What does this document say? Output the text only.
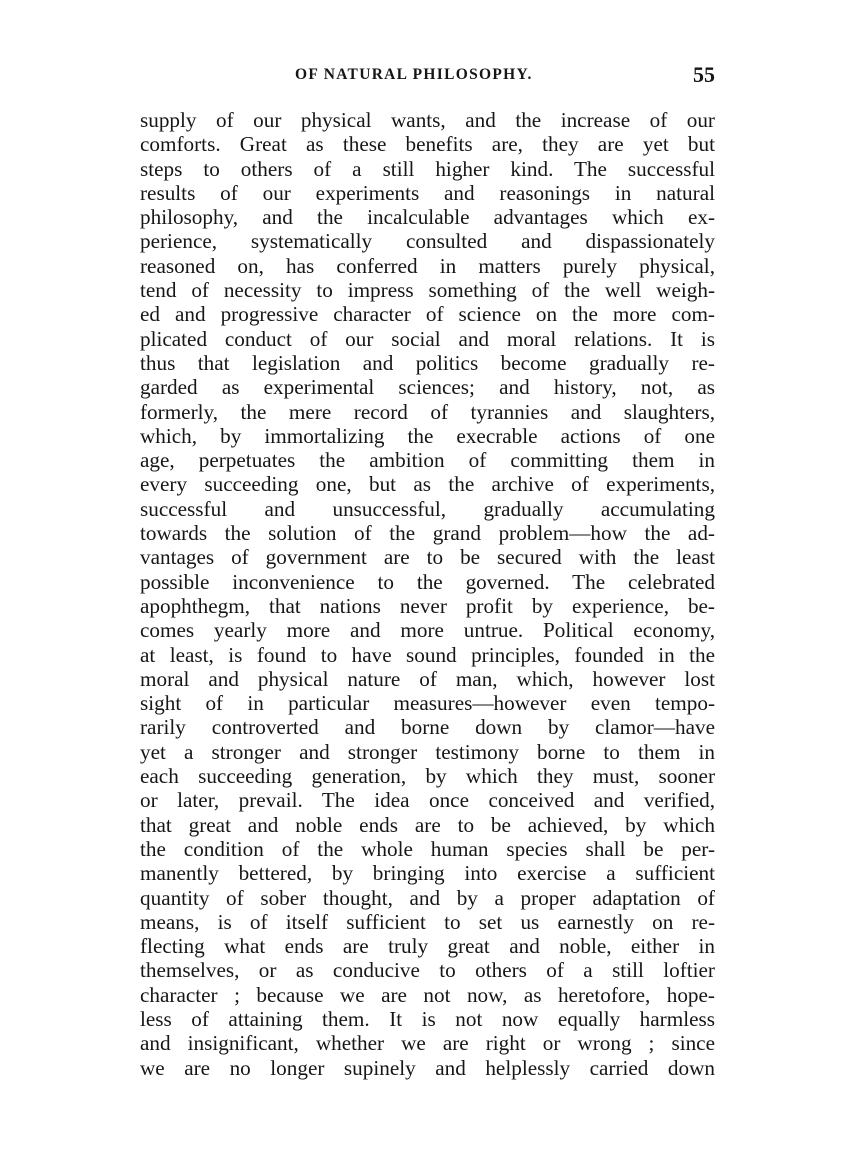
OF NATURAL PHILOSOPHY.	55
supply of our physical wants, and the increase of our
comforts. Great as these benefits are, they are yet but
steps to others of a still higher kind. The successful
results of our experiments and reasonings in natural
philosophy, and the incalculable advantages which ex-
perience, systematically consulted and dispassionately
reasoned on, has conferred in matters purely physical,
tend of necessity to impress something of the well weigh-
ed and progressive character of science on the more com-
plicated conduct of our social and moral relations. It is
thus that legislation and politics become gradually re-
garded as experimental sciences; and history, not, as
formerly, the mere record of tyrannies and slaughters,
which, by immortalizing the execrable actions of one
age, perpetuates the ambition of committing them in
every succeeding one, but as the archive of experiments,
successful and unsuccessful, gradually accumulating
towards the solution of the grand problem—how the ad-
vantages of government are to be secured with the least
possible inconvenience to the governed. The celebrated
apophthegm, that nations never profit by experience, be-
comes yearly more and more untrue. Political economy,
at least, is found to have sound principles, founded in the
moral and physical nature of man, which, however lost
sight of in particular measures—however even tempo-
rarily controverted and borne down by clamor—have
yet a stronger and stronger testimony borne to them in
each succeeding generation, by which they must, sooner
or later, prevail. The idea once conceived and verified,
that great and noble ends are to be achieved, by which
the condition of the whole human species shall be per-
manently bettered, by bringing into exercise a sufficient
quantity of sober thought, and by a proper adaptation of
means, is of itself sufficient to set us earnestly on re-
flecting what ends are truly great and noble, either in
themselves, or as conducive to others of a still loftier
character ; because we are not now, as heretofore, hope-
less of attaining them. It is not now equally harmless
and insignificant, whether we are right or wrong ; since
we are no longer supinely and helplessly carried down
